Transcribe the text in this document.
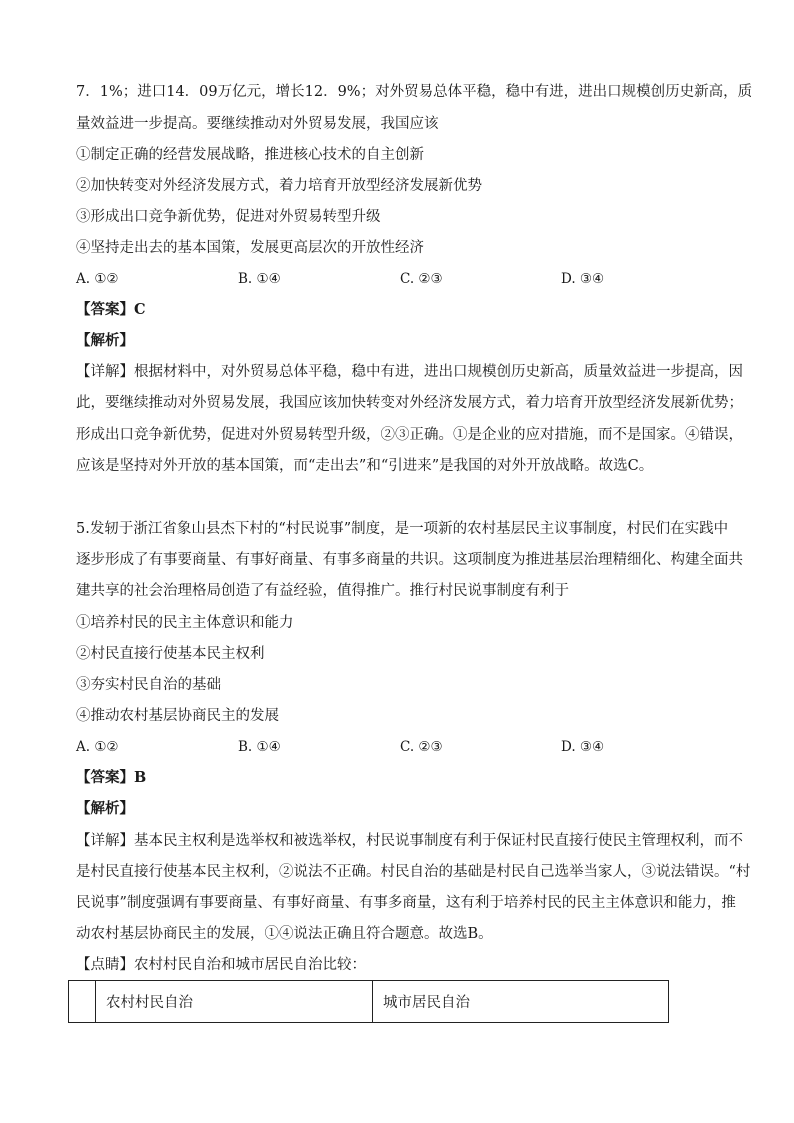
7．1%；进口14．09万亿元，增长12．9%；对外贸易总体平稳，稳中有进，进出口规模创历史新高，质
量效益进一步提高。要继续推动对外贸易发展，我国应该
①制定正确的经营发展战略，推进核心技术的自主创新
②加快转变对外经济发展方式，着力培育开放型经济发展新优势
③形成出口竞争新优势，促进对外贸易转型升级
④坚持走出去的基本国策，发展更高层次的开放性经济
A. ①②	B. ①④	C. ②③	D. ③④
【答案】C
【解析】
【详解】根据材料中，对外贸易总体平稳，稳中有进，进出口规模创历史新高，质量效益进一步提高，因
此，要继续推动对外贸易发展，我国应该加快转变对外经济发展方式，着力培育开放型经济发展新优势；
形成出口竞争新优势，促进对外贸易转型升级，②③正确。①是企业的应对措施，而不是国家。④错误，
应该是坚持对外开放的基本国策，而“走出去”和“引进来”是我国的对外开放战略。故选C。
5.发轫于浙江省象山县杰下村的“村民说事”制度，是一项新的农村基层民主议事制度，村民们在实践中
逐步形成了有事要商量、有事好商量、有事多商量的共识。这项制度为推进基层治理精细化、构建全面共
建共享的社会治理格局创造了有益经验，值得推广。推行村民说事制度有利于
①培养村民的民主主体意识和能力
②村民直接行使基本民主权利
③夯实村民自治的基础
④推动农村基层协商民主的发展
A. ①②	B. ①④	C. ②③	D. ③④
【答案】B
【解析】
【详解】基本民主权利是选举权和被选举权，村民说事制度有利于保证村民直接行使民主管理权利，而不
是村民直接行使基本民主权利，②说法不正确。村民自治的基础是村民自己选举当家人，③说法错误。“村
民说事”制度强调有事要商量、有事好商量、有事多商量，这有利于培养村民的民主主体意识和能力，推
动农村基层协商民主的发展，①④说法正确且符合题意。故选B。
【点睛】农村村民自治和城市居民自治比较：
	农村村民自治	城市居民自治
